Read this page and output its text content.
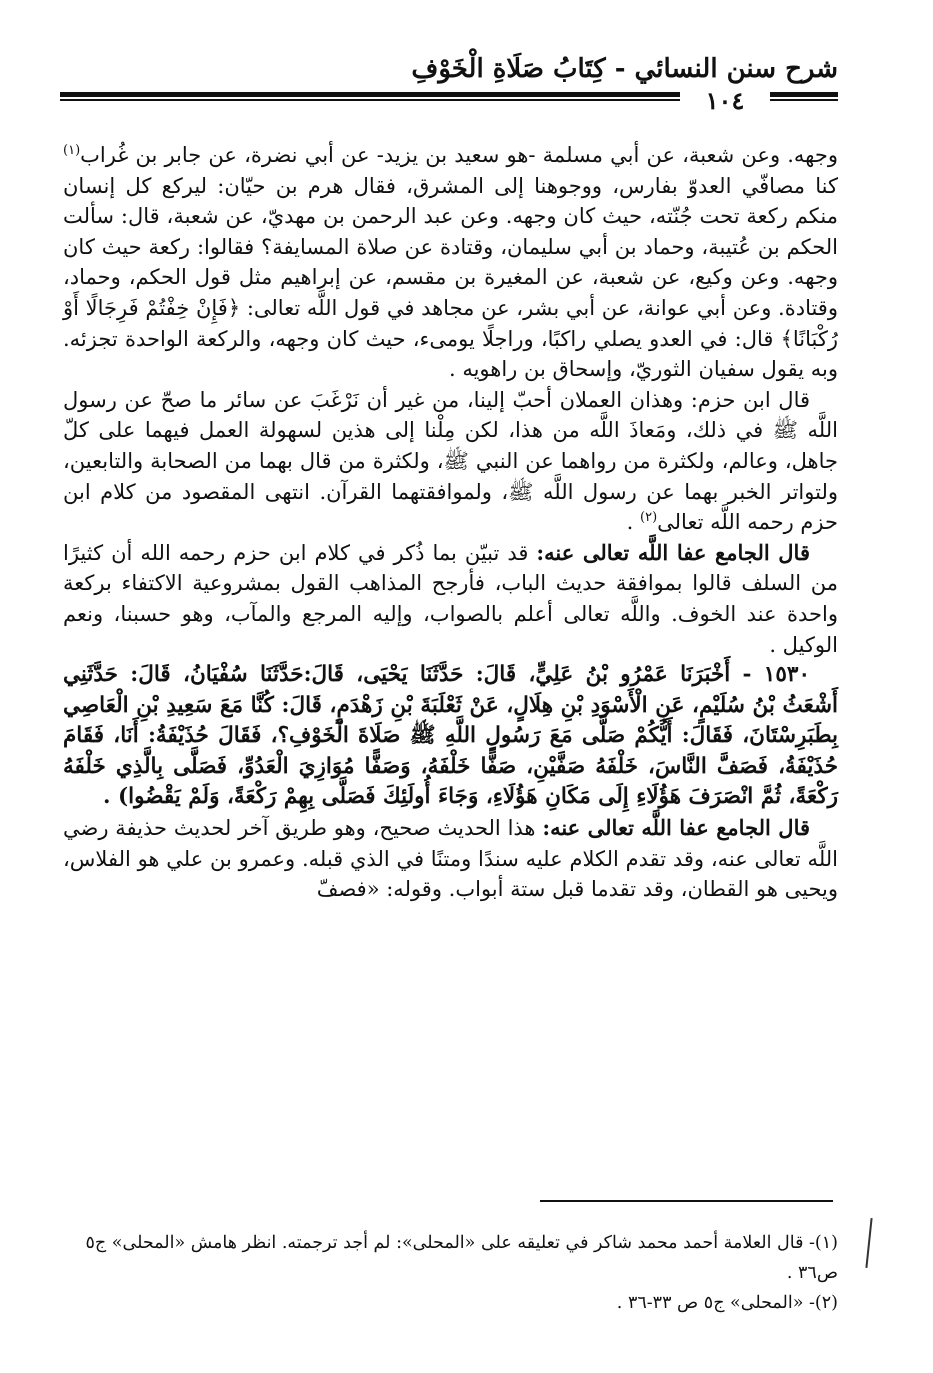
شرح سنن النسائي - كِتَابُ صَلَاةِ الْخَوْفِ
١٠٤

وجهه. وعن شعبة، عن أبي مسلمة -هو سعيد بن يزيد- عن أبي نضرة، عن جابر بن غُراب$^{(١)}$ كنا مصافّي العدوّ بفارس، ووجوهنا إلى المشرق، فقال هرم بن حيّان: ليركع كل إنسان منكم ركعة تحت جُنّته، حيث كان وجهه. وعن عبد الرحمن بن مهديّ، عن شعبة، قال: سألت الحكم بن عُتيبة، وحماد بن أبي سليمان، وقتادة عن صلاة المسايفة؟ فقالوا: ركعة حيث كان وجهه. وعن وكيع، عن شعبة، عن المغيرة بن مقسم، عن إبراهيم مثل قول الحكم، وحماد، وقتادة. وعن أبي عوانة، عن أبي بشر، عن مجاهد في قول اللَّه تعالى: ﴿فَإِنْ خِفْتُمْ فَرِجَالًا أَوْ رُكْبَانًا﴾ قال: في العدو يصلي راكبًا، وراجلًا يومىء، حيث كان وجهه، والركعة الواحدة تجزئه. وبه يقول سفيان الثوريّ، وإسحاق بن راهويه .

قال ابن حزم: وهذان العملان أحبّ إلينا، من غير أن نَرْغَبَ عن سائر ما صحّ عن رسول اللَّه ﷺ في ذلك، ومَعاذَ اللَّه من هذا، لكن مِلْنا إلى هذين لسهولة العمل فيهما على كلّ جاهل، وعالم، ولكثرة من رواهما عن النبي ﷺ، ولكثرة من قال بهما من الصحابة والتابعين، ولتواتر الخبر بهما عن رسول اللَّه ﷺ، ولموافقتهما القرآن. انتهى المقصود من كلام ابن حزم رحمه اللَّه تعالى$^{(٢)}$ .

قال الجامع عفا اللَّه تعالى عنه: قد تبيّن بما ذُكر في كلام ابن حزم رحمه الله أن كثيرًا من السلف قالوا بموافقة حديث الباب، فأرجح المذاهب القول بمشروعية الاكتفاء بركعة واحدة عند الخوف. واللَّه تعالى أعلم بالصواب، وإليه المرجع والمآب، وهو حسبنا، ونعم الوكيل .

١٥٣٠ - أَخْبَرَنَا عَمْرُو بْنُ عَلِيٍّ، قَالَ: حَدَّثَنَا يَحْيَى، قَالَ:حَدَّثَنَا سُفْيَانُ، قَالَ: حَدَّثَنِي أَشْعَثُ بْنُ سُلَيْمٍ، عَنِ الْأَسْوَدِ بْنِ هِلَالٍ، عَنْ ثَعْلَبَةَ بْنِ زَهْدَمٍ، قَالَ: كُنَّا مَعَ سَعِيدِ بْنِ الْعَاصِي بِطَبَرِسْتَانَ، فَقَالَ: أَيُّكُمْ صَلَّى مَعَ رَسُولِ اللَّهِ ﷺ صَلَاةَ الْخَوْفِ؟، فَقَالَ حُذَيْفَةُ: أَنَا، فَقَامَ حُذَيْفَةُ، فَصَفَّ النَّاسَ، خَلْفَهُ صَفَّيْنِ، صَفًّا خَلْفَهُ، وَصَفًّا مُوَازِيَ الْعَدُوِّ، فَصَلَّى بِالَّذِي خَلْفَهُ رَكْعَةً، ثُمَّ انْصَرَفَ هَؤُلَاءِ إِلَى مَكَانِ هَؤُلَاءِ، وَجَاءَ أُولَئِكَ فَصَلَّى بِهِمْ رَكْعَةً، وَلَمْ يَقْضُوا) .

قال الجامع عفا اللَّه تعالى عنه: هذا الحديث صحيح، وهو طريق آخر لحديث حذيفة رضي اللَّه تعالى عنه، وقد تقدم الكلام عليه سندًا ومتنًا في الذي قبله. وعمرو بن علي هو الفلاس، ويحيى هو القطان، وقد تقدما قبل ستة أبواب. وقوله: «فصفّ

(١)- قال العلامة أحمد محمد شاكر في تعليقه على «المحلى»: لم أجد ترجمته. انظر هامش «المحلى» ج٥ ص٣٦ .

(٢)- «المحلى» ج٥ ص ٣٣-٣٦ .
